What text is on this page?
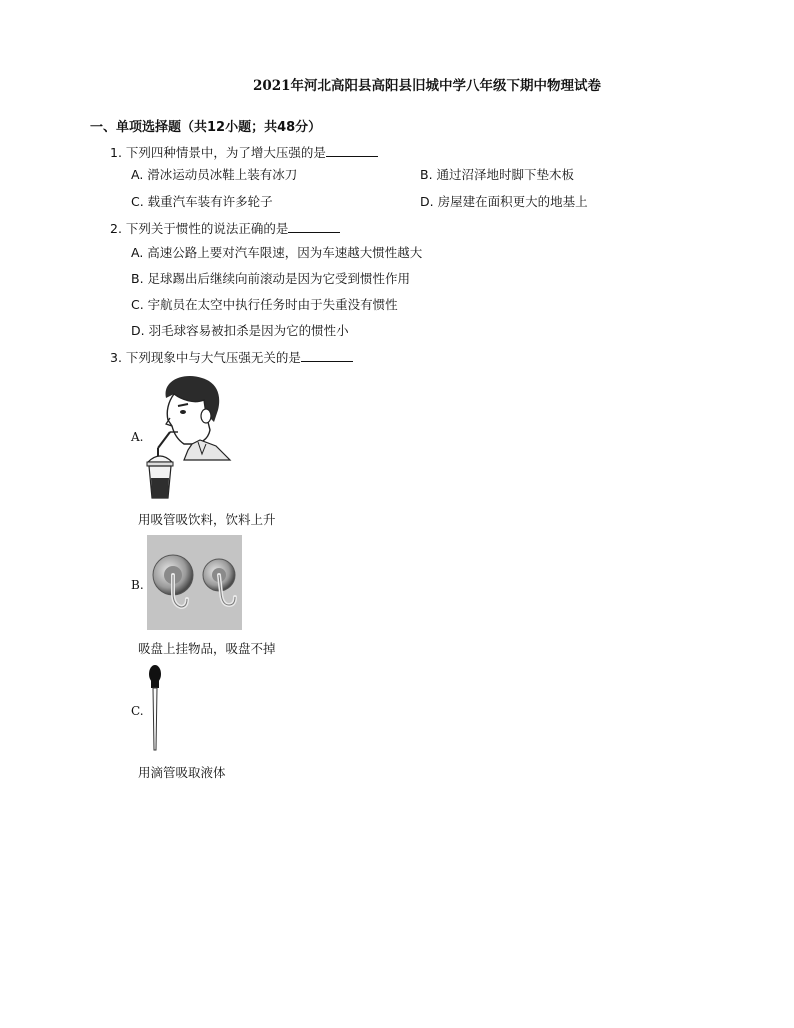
2021年河北高阳县高阳县旧城中学八年级下期中物理试卷
一、单项选择题（共12小题；共48分）
1. 下列四种情景中，为了增大压强的是
A. 滑冰运动员冰鞋上装有冰刀	B. 通过沼泽地时脚下垫木板
C. 载重汽车装有许多轮子	D. 房屋建在面积更大的地基上
2. 下列关于惯性的说法正确的是
A. 高速公路上要对汽车限速，因为车速越大惯性越大
B. 足球踢出后继续向前滚动是因为它受到惯性作用
C. 宇航员在太空中执行任务时由于失重没有惯性
D. 羽毛球容易被扣杀是因为它的惯性小
3. 下列现象中与大气压强无关的是
A.
用吸管吸饮料，饮料上升
B.
吸盘上挂物品，吸盘不掉
C.
用滴管吸取液体
